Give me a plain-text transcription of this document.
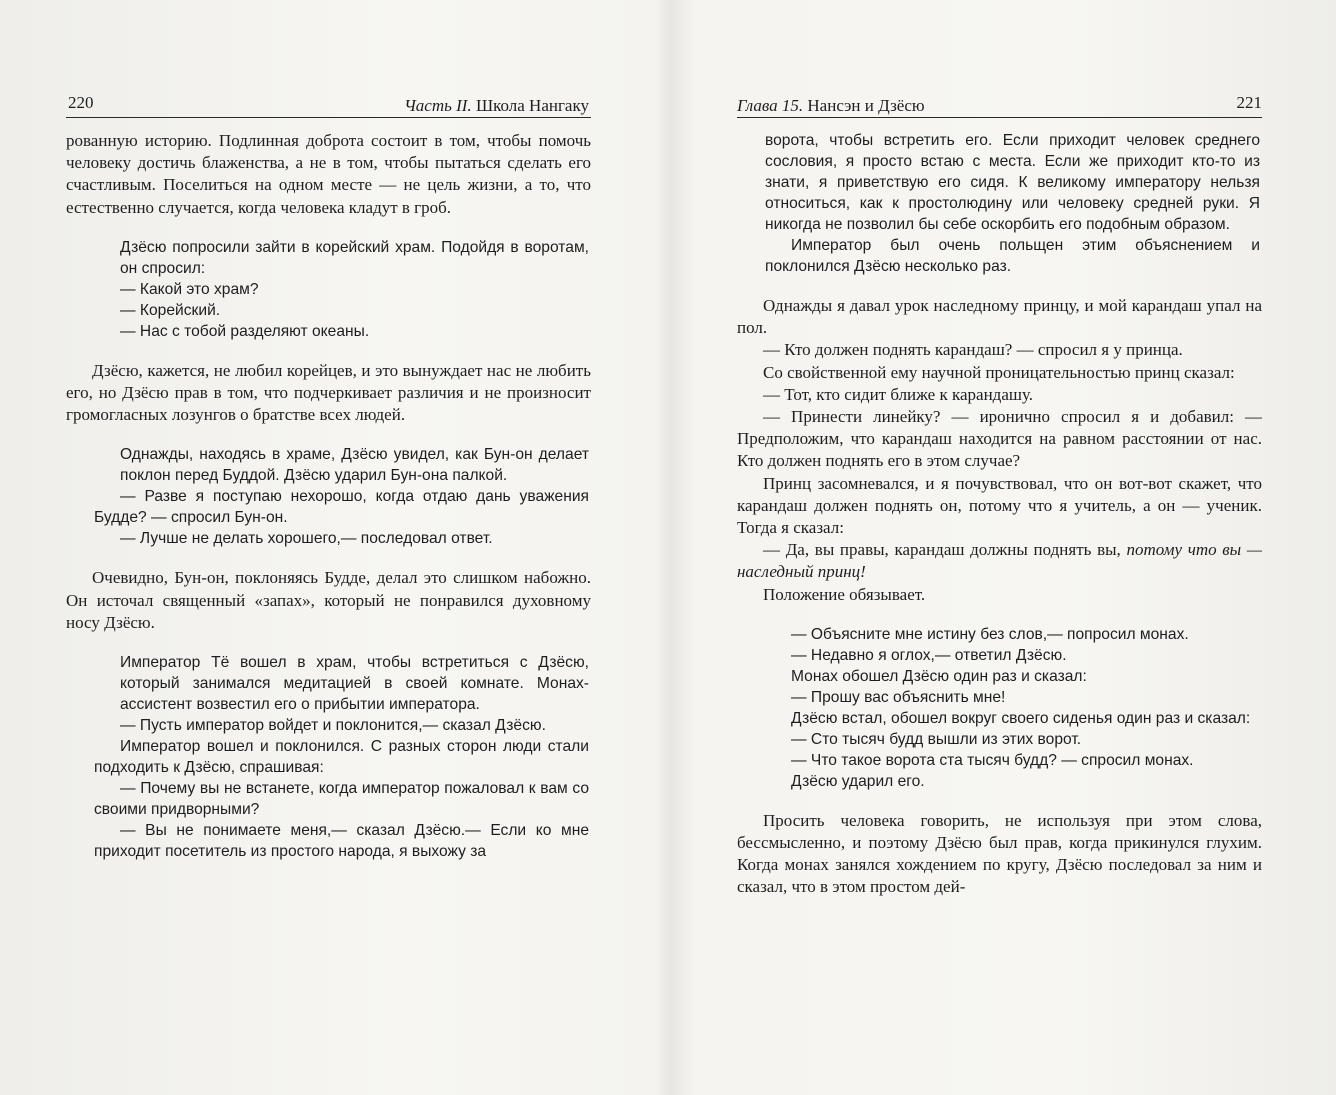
220	Часть II. Школа Нангаку
рованную историю. Подлинная доброта состоит в том, чтобы помочь человеку достичь блаженства, а не в том, чтобы пытаться сделать его счастливым. Поселиться на одном месте — не цель жизни, а то, что естественно случается, когда человека кладут в гроб.
Дзёсю попросили зайти в корейский храм. Подойдя в воротам, он спросил:
— Какой это храм?
— Корейский.
— Нас с тобой разделяют океаны.
Дзёсю, кажется, не любил корейцев, и это вынуждает нас не любить его, но Дзёсю прав в том, что подчеркивает различия и не произносит громогласных лозунгов о братстве всех людей.
Однажды, находясь в храме, Дзёсю увидел, как Бун-он делает поклон перед Буддой. Дзёсю ударил Бун-она палкой.
— Разве я поступаю нехорошо, когда отдаю дань уважения Будде? — спросил Бун-он.
— Лучше не делать хорошего,— последовал ответ.
Очевидно, Бун-он, поклоняясь Будде, делал это слишком набожно. Он источал священный «запах», который не понравился духовному носу Дзёсю.
Император Тё вошел в храм, чтобы встретиться с Дзёсю, который занимался медитацией в своей комнате. Монах-ассистент возвестил его о прибытии императора.
— Пусть император войдет и поклонится,— сказал Дзёсю.
Император вошел и поклонился. С разных сторон люди стали подходить к Дзёсю, спрашивая:
— Почему вы не встанете, когда император пожаловал к вам со своими придворными?
— Вы не понимаете меня,— сказал Дзёсю.— Если ко мне приходит посетитель из простого народа, я выхожу за
Глава 15. Нансэн и Дзёсю	221
ворота, чтобы встретить его. Если приходит человек среднего сословия, я просто встаю с места. Если же приходит кто-то из знати, я приветствую его сидя. К великому императору нельзя относиться, как к простолюдину или человеку средней руки. Я никогда не позволил бы себе оскорбить его подобным образом.
Император был очень польщен этим объяснением и поклонился Дзёсю несколько раз.
Однажды я давал урок наследному принцу, и мой карандаш упал на пол.
— Кто должен поднять карандаш? — спросил я у принца.
Со свойственной ему научной проницательностью принц сказал:
— Тот, кто сидит ближе к карандашу.
— Принести линейку? — иронично спросил я и добавил: — Предположим, что карандаш находится на равном расстоянии от нас. Кто должен поднять его в этом случае?
Принц засомневался, и я почувствовал, что он вот-вот скажет, что карандаш должен поднять он, потому что я учитель, а он — ученик. Тогда я сказал:
— Да, вы правы, карандаш должны поднять вы, потому что вы — наследный принц!
Положение обязывает.
— Объясните мне истину без слов,— попросил монах.
— Недавно я оглох,— ответил Дзёсю.
Монах обошел Дзёсю один раз и сказал:
— Прошу вас объяснить мне!
Дзёсю встал, обошел вокруг своего сиденья один раз и сказал:
— Сто тысяч будд вышли из этих ворот.
— Что такое ворота ста тысяч будд? — спросил монах.
Дзёсю ударил его.
Просить человека говорить, не используя при этом слова, бессмысленно, и поэтому Дзёсю был прав, когда прикинулся глухим. Когда монах занялся хождением по кругу, Дзёсю последовал за ним и сказал, что в этом простом дей-
